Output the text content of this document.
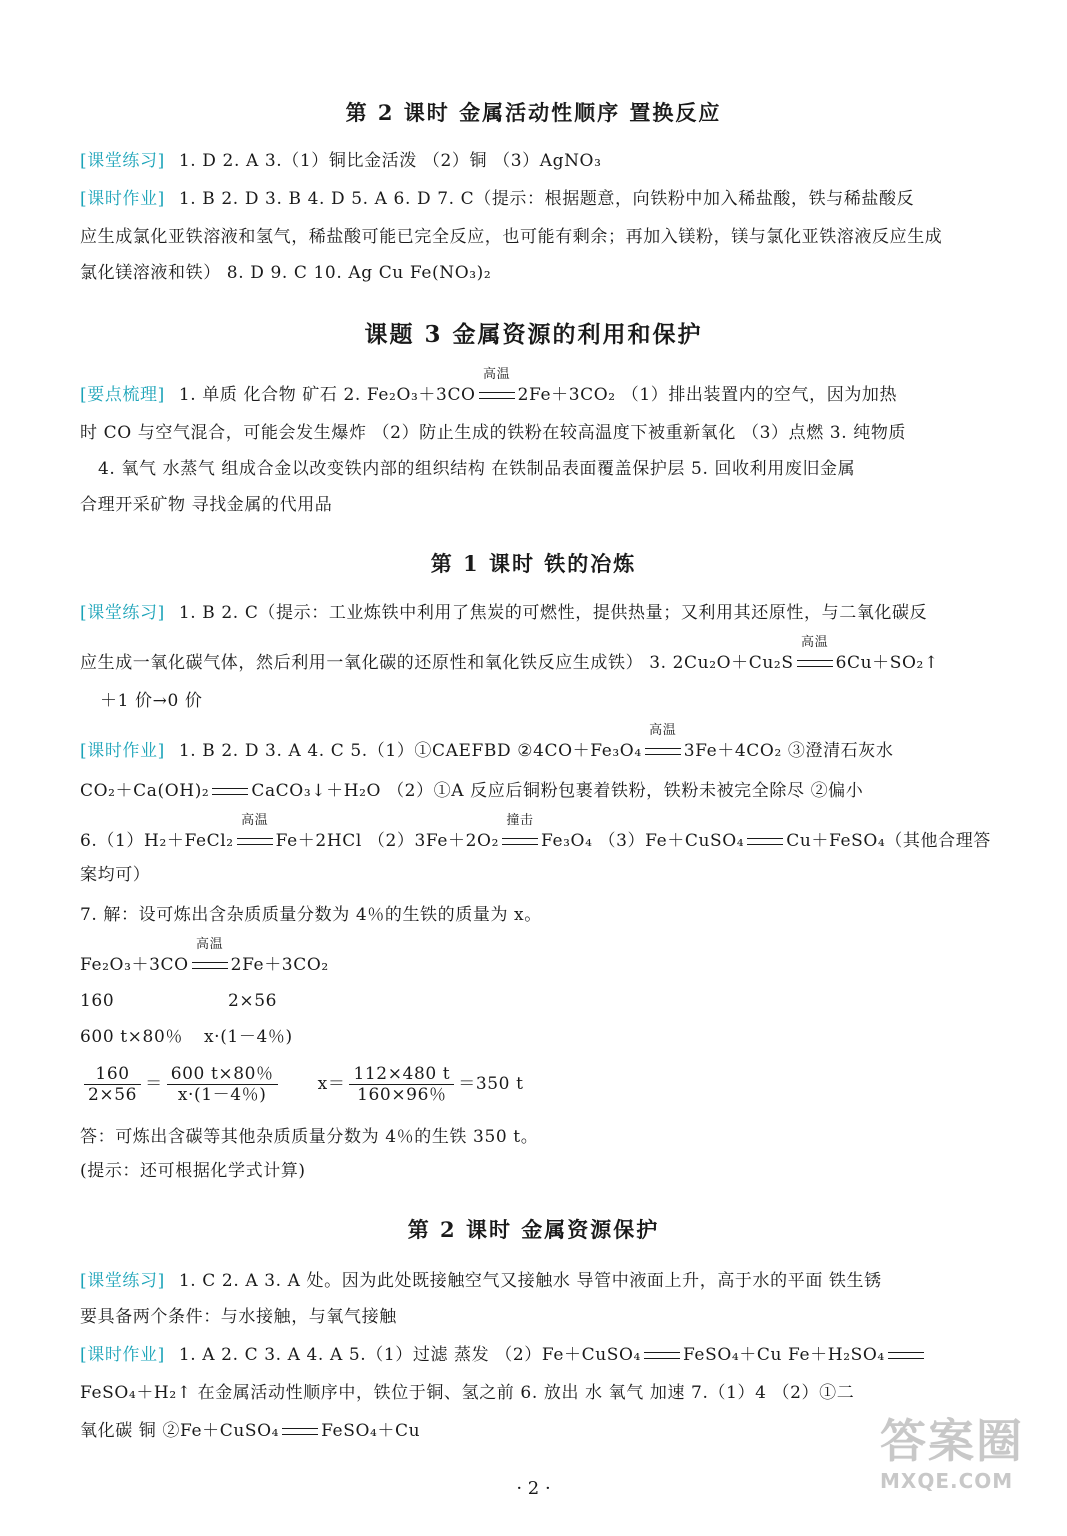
第 2 课时 金属活动性顺序 置换反应
[课堂练习] 1. D 2. A 3.（1）铜比金活泼 （2）铜 （3）AgNO₃
[课时作业] 1. B 2. D 3. B 4. D 5. A 6. D 7. C（提示：根据题意，向铁粉中加入稀盐酸，铁与稀盐酸反
应生成氯化亚铁溶液和氢气，稀盐酸可能已完全反应，也可能有剩余；再加入镁粉，镁与氯化亚铁溶液反应生成
氯化镁溶液和铁） 8. D 9. C 10. Ag Cu Fe(NO₃)₂
课题 3 金属资源的利用和保护
[要点梳理] 1. 单质 化合物 矿石 2. Fe₂O₃＋3CO
高温
2Fe＋3CO₂ （1）排出装置内的空气，因为加热
时 CO 与空气混合，可能会发生爆炸 （2）防止生成的铁粉在较高温度下被重新氧化 （3）点燃 3. 纯物质
4. 氧气 水蒸气 组成合金以改变铁内部的组织结构 在铁制品表面覆盖保护层 5. 回收利用废旧金属
合理开采矿物 寻找金属的代用品
第 1 课时 铁的冶炼
[课堂练习] 1. B 2. C（提示：工业炼铁中利用了焦炭的可燃性，提供热量；又利用其还原性，与二氧化碳反
应生成一氧化碳气体，然后利用一氧化碳的还原性和氧化铁反应生成铁） 3. 2Cu₂O＋Cu₂S
高温
6Cu＋SO₂↑
＋1 价→0 价
[课时作业] 1. B 2. D 3. A 4. C 5.（1）①CAEFBD ②4CO＋Fe₃O₄
高温
3Fe＋4CO₂ ③澄清石灰水
CO₂＋Ca(OH)₂ CaCO₃↓＋H₂O （2）①A 反应后铜粉包裹着铁粉，铁粉未被完全除尽 ②偏小
6.（1）H₂＋FeCl₂
高温
Fe＋2HCl （2）3Fe＋2O₂
撞击
Fe₃O₄ （3）Fe＋CuSO₄ Cu＋FeSO₄（其他合理答
案均可）
7. 解：设可炼出含杂质质量分数为 4％的生铁的质量为 x。
Fe₂O₃＋3CO
高温
2Fe＋3CO₂
160	2×56
600 t×80％ x·(1－4％)
$\frac{160}{2\times 56} = \frac{600 t\times 80\%}{x\cdot(1-4\%)} x= \frac{112\times 480 t}{160\times 96\%} =350$ t
答：可炼出含碳等其他杂质质量分数为 4％的生铁 350 t。
(提示：还可根据化学式计算)
第 2 课时 金属资源保护
[课堂练习] 1. C 2. A 3. A 处。因为此处既接触空气又接触水 导管中液面上升，高于水的平面 铁生锈
要具备两个条件：与水接触，与氧气接触
[课时作业] 1. A 2. C 3. A 4. A 5.（1）过滤 蒸发 （2）Fe＋CuSO₄ FeSO₄＋Cu Fe＋H₂SO₄
FeSO₄＋H₂↑ 在金属活动性顺序中，铁位于铜、氢之前 6. 放出 水 氧气 加速 7.（1）4 （2）①二
氧化碳 铜 ②Fe＋CuSO₄ FeSO₄＋Cu
· 2 ·
答案圈
MXQE.COM
